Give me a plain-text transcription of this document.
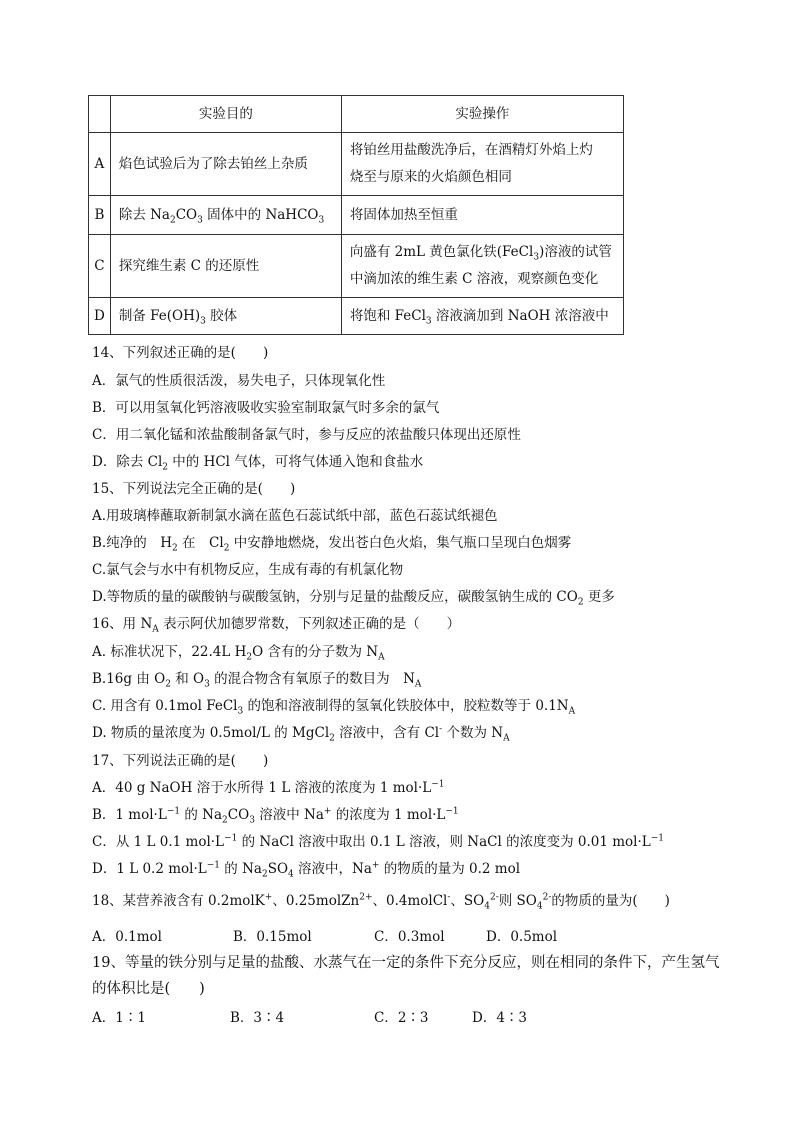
	实验目的	实验操作
A	焰色试验后为了除去铂丝上杂质	将铂丝用盐酸洗净后，在酒精灯外焰上灼
烧至与原来的火焰颜色相同

B	除去 $Na_2CO_3$ 固体中的 NaHCO$_3$	将固体加热至恒重
C	探究维生素 C 的还原性	向盛有 2mL 黄色氯化铁(FeCl$_3$)溶液的试管
中滴加浓的维生素 C 溶液，观察颜色变化

D	制备 $Fe(OH)_3$ 胶体	将饱和 FeCl$_3$ 溶液滴加到 NaOH 浓溶液中
14、下列叙述正确的是(　　)
A．氯气的性质很活泼，易失电子，只体现氧化性
B．可以用氢氧化钙溶液吸收实验室制取氯气时多余的氯气
C．用二氧化锰和浓盐酸制备氯气时，参与反应的浓盐酸只体现出还原性
D．除去 $Cl_2$ 中的 HCl 气体，可将气体通入饱和食盐水
15、下列说法完全正确的是(　　)
A.用玻璃棒蘸取新制氯水滴在蓝色石蕊试纸中部，蓝色石蕊试纸褪色
B.纯净的　$H_2$ 在　$Cl_2$ 中安静地燃烧，发出苍白色火焰，集气瓶口呈现白色烟雾
C.氯气会与水中有机物反应，生成有毒的有机氯化物
D.等物质的量的碳酸钠与碳酸氢钠，分别与足量的盐酸反应，碳酸氢钠生成的 $CO_2$ 更多
16、用 $N_A$ 表示阿伏加德罗常数，下列叙述正确的是（　　）
A. 标准状况下，22.4L $H_2O$ 含有的分子数为 $N_A$
B.16g 由 $O_2$ 和 $O_3$ 的混合物含有氧原子的数目为　$N_A$
C. 用含有 0.1mol FeCl$_3$ 的饱和溶液制得的氢氧化铁胶体中，胶粒数等于 $0.1N_A$
D. 物质的量浓度为 0.5mol/L 的 MgCl$_2$ 溶液中，含有 Cl- 个数为 $N_A$
17、下列说法正确的是(　　)
A．40 g NaOH 溶于水所得 1 L 溶液的浓度为 1 $mol\cdot L^{-1}$
B．1 $mol\cdot L^{-1}$ 的 $Na_2CO_3$ 溶液中 Na+ 的浓度为 1 $mol\cdot L^{-1}$
C．从 1 L 0.1 $mol\cdot L^{-1}$ 的 NaCl 溶液中取出 0.1 L 溶液，则 NaCl 的浓度变为 0.01 $mol\cdot L^{-1}$
D．1 L 0.2 $mol\cdot L^{-1}$ 的 $Na_2SO_4$ 溶液中，Na+ 的物质的量为 0.2 mol
18、某营养液含有 0.2molK+、0.25molZn$^{2+}$、0.4molCl-、$SO_4^{2-}$则 $SO_4^{2-}$的物质的量为(　　)
A．0.1mol	B．0.15mol	C．0.3mol	D．0.5mol
19、等量的铁分别与足量的盐酸、水蒸气在一定的条件下充分反应，则在相同的条件下，产生氢气
的体积比是(　　)
A．1∶1	B．3∶4	C．2∶3	D．4∶3
